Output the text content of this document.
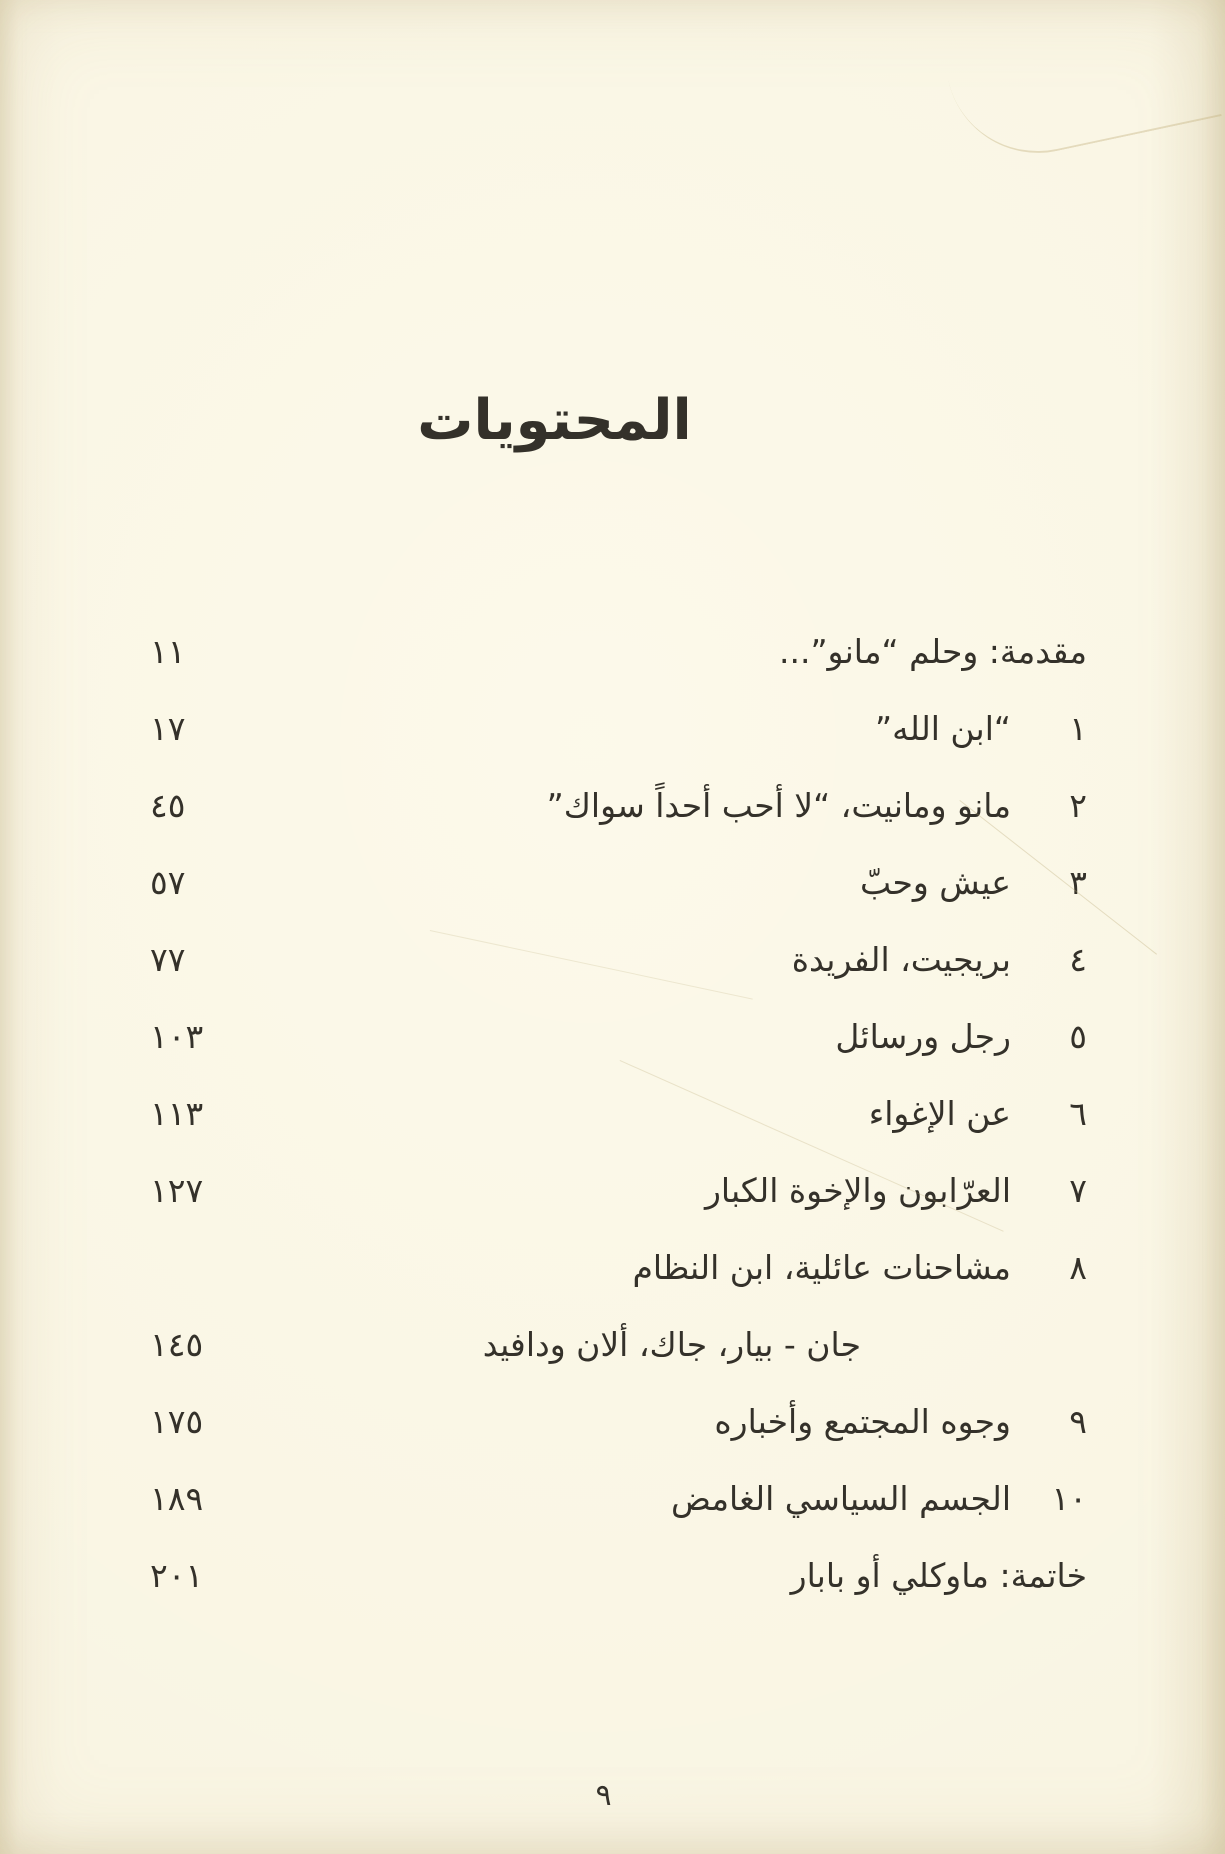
المحتويات
مقدمة: وحلم “مانو”...
١١
١
“ابن الله”
١٧
٢
مانو ومانيت، “لا أحب أحداً سواك”
٤٥
٣
عيش وحبّ
٥٧
٤
بريجيت، الفريدة
٧٧
٥
رجل ورسائل
١٠٣
٦
عن الإغواء
١١٣
٧
العرّابون والإخوة الكبار
١٢٧
٨
مشاحنات عائلية، ابن النظام
جان - بيار، جاك، ألان ودافيد
١٤٥
٩
وجوه المجتمع وأخباره
١٧٥
١٠
الجسم السياسي الغامض
١٨٩
خاتمة: ماوكلي أو بابار
٢٠١
٩
